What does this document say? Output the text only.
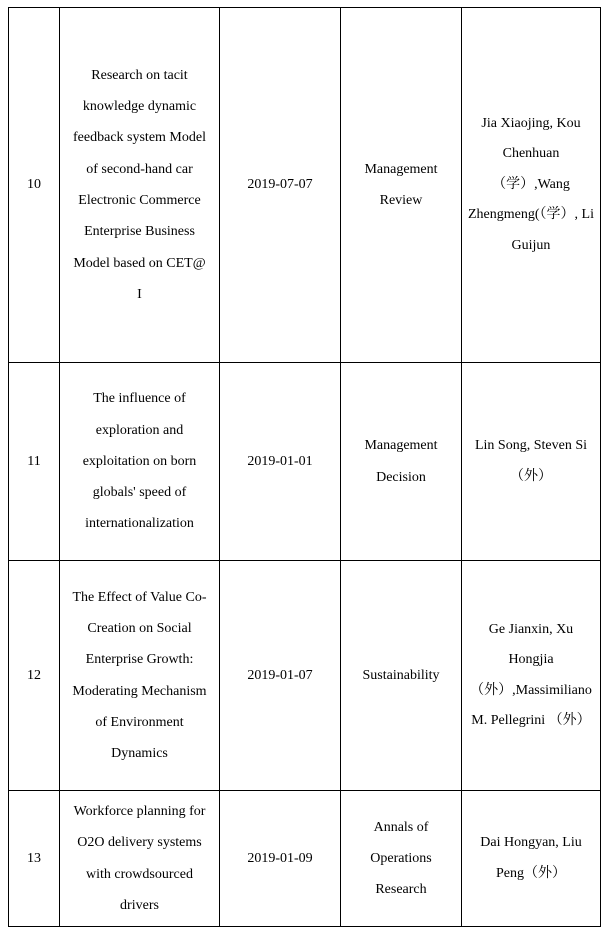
10	Research on tacit knowledge dynamic feedback system Model of second-hand car Electronic Commerce Enterprise Business Model based on CET@ I	2019-07-07	Management Review	Jia Xiaojing, Kou Chenhuan （学）,Wang Zhengmeng(（学）, Li Guijun
11	The influence of exploration and exploitation on born globals' speed of internationalization	2019-01-01	Management Decision	Lin Song, Steven Si（外）
12	The Effect of Value Co-Creation on Social Enterprise Growth: Moderating Mechanism of Environment Dynamics	2019-01-07	Sustainability	Ge Jianxin, Xu Hongjia （外）,Massimiliano M. Pellegrini （外）
13	Workforce planning for O2O delivery systems with crowdsourced drivers	2019-01-09	Annals of Operations Research	Dai Hongyan, Liu Peng（外）
